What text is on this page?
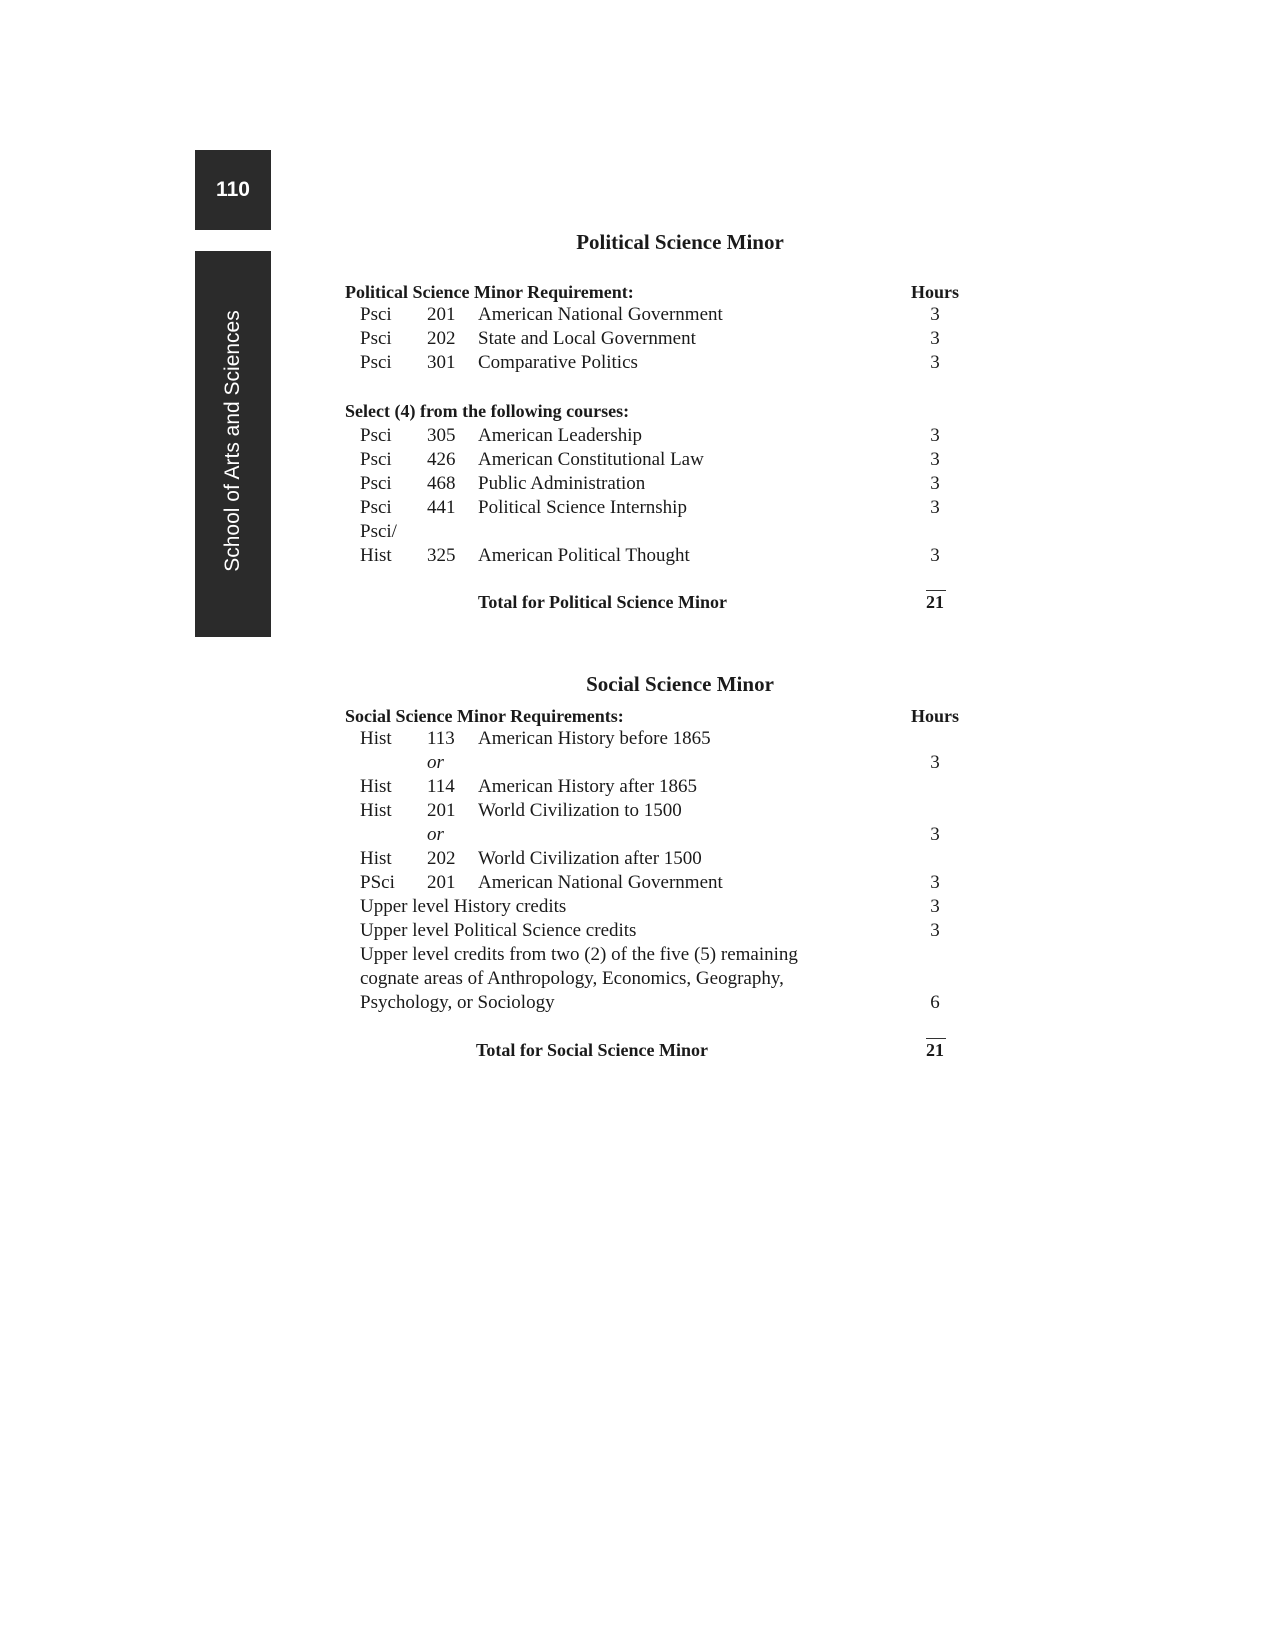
110
School of Arts and Sciences
Political Science Minor
Political Science Minor Requirement:	Hours
Psci 201 American National Government	3
Psci 202 State and Local Government	3
Psci 301 Comparative Politics	3
Select (4) from the following courses:
Psci 305 American Leadership	3
Psci 426 American Constitutional Law	3
Psci 468 Public Administration	3
Psci 441 Political Science Internship	3
Psci/
Hist 325 American Political Thought	3
Total for Political Science Minor	21
Social Science Minor
Social Science Minor Requirements:	Hours
Hist 113 American History before 1865
or	3
Hist 114 American History after 1865
Hist 201 World Civilization to 1500
or	3
Hist 202 World Civilization after 1500
PSci 201 American National Government	3
Upper level History credits	3
Upper level Political Science credits	3
Upper level credits from two (2) of the five (5) remaining
cognate areas of Anthropology, Economics, Geography,
Psychology, or Sociology	6
Total for Social Science Minor	21
